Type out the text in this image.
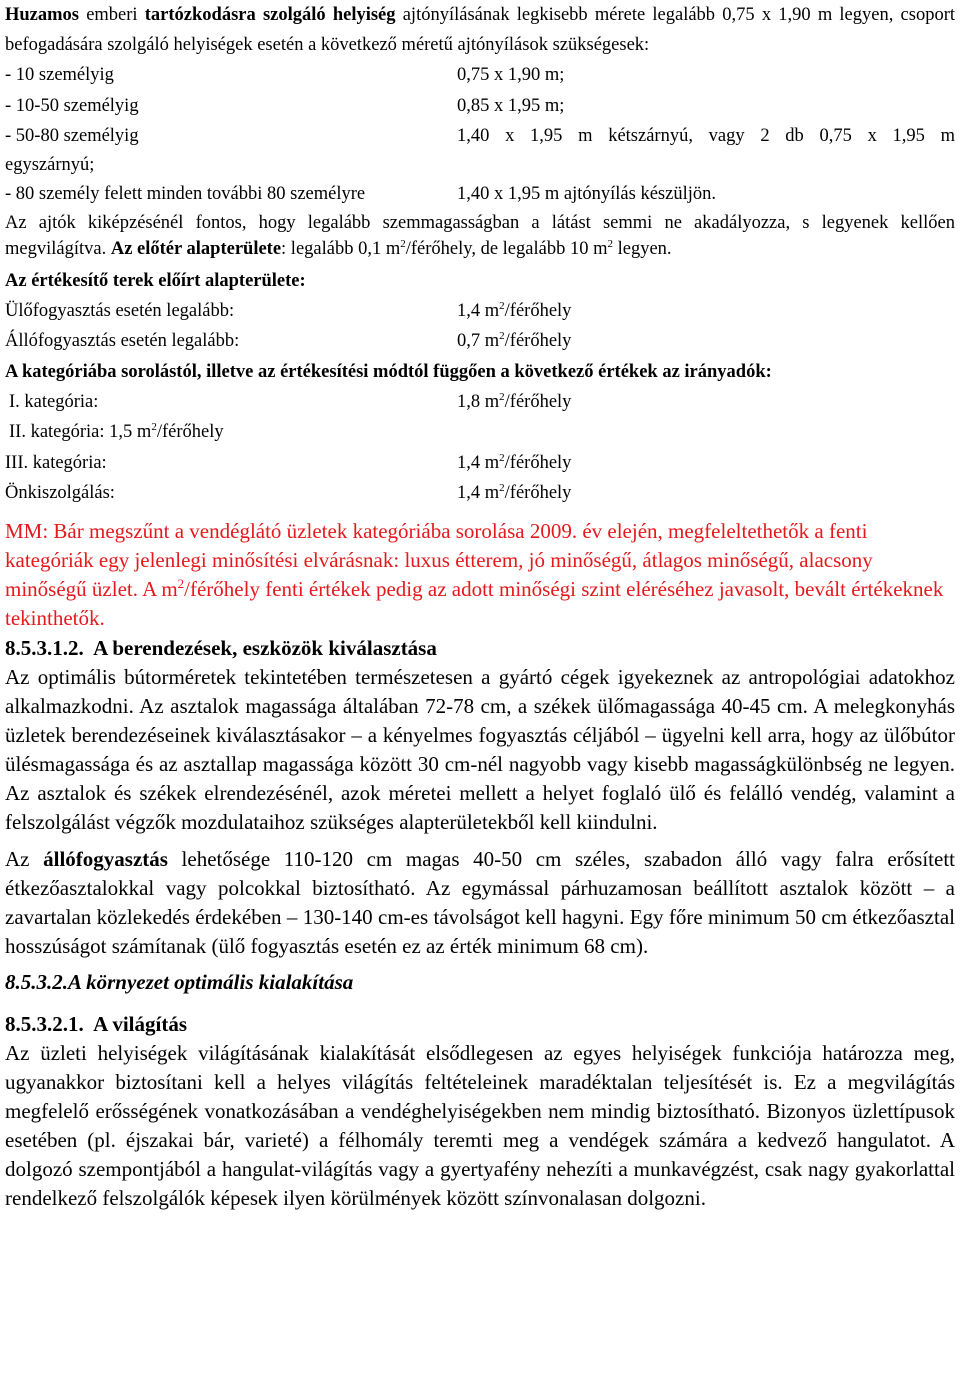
Huzamos emberi tartózkodásra szolgáló helyiség ajtónyílásának legkisebb mérete legalább 0,75 x 1,90 m legyen, csoport befogadására szolgáló helyiségek esetén a következő méretű ajtónyílások szükségesek:

- 10 személyig	0,75 x 1,90 m;
- 10-50 személyig	0,85 x 1,95 m;
- 50-80 személyig	1,40 x 1,95 m kétszárnyú, vagy 2 db 0,75 x 1,95 m
egyszárnyú;
- 80 személy felett minden további 80 személyre	1,40 x 1,95 m ajtónyílás készüljön.

Az ajtók kiképzésénél fontos, hogy legalább szemmagasságban a látást semmi ne akadályozza, s legyenek kellően megvilágítva. Az előtér alapterülete: legalább 0,1 $m^2$/férőhely, de legalább 10 $m^2$ legyen.

Az értékesítő terek előírt alapterülete:

Ülőfogyasztás esetén legalább:	1,4 $m^2$/férőhely
Állófogyasztás esetén legalább:	0,7 $m^2$/férőhely

A kategóriába sorolástól, illetve az értékesítési módtól függően a következő értékek az irányadók:

I. kategória:	1,8 $m^2$/férőhely
II. kategória: 1,5 $m^2$/férőhely
III. kategória:	1,4 $m^2$/férőhely
Önkiszolgálás:	1,4 $m^2$/férőhely

MM: Bár megszűnt a vendéglátó üzletek kategóriába sorolása 2009. év elején, megfeleltethetők a fenti kategóriák egy jelenlegi minősítési elvárásnak: luxus étterem, jó minőségű, átlagos minőségű, alacsony minőségű üzlet. A $m^2$/férőhely fenti értékek pedig az adott minőségi szint eléréséhez javasolt, bevált értékeknek tekinthetők.

8.5.3.1.2.  A berendezések, eszközök kiválasztása

Az optimális bútorméretek tekintetében természetesen a gyártó cégek igyekeznek az antropológiai adatokhoz alkalmazkodni. Az asztalok magassága általában 72-78 cm, a székek ülőmagassága 40-45 cm. A melegkonyhás üzletek berendezéseinek kiválasztásakor – a kényelmes fogyasztás céljából – ügyelni kell arra, hogy az ülőbútor ülésmagassága és az asztallap magassága között 30 cm-nél nagyobb vagy kisebb magasságkülönbség ne legyen. Az asztalok és székek elrendezésénél, azok méretei mellett a helyet foglaló ülő és felálló vendég, valamint a felszolgálást végzők mozdulataihoz szükséges alapterületekből kell kiindulni.

Az állófogyasztás lehetősége 110-120 cm magas 40-50 cm széles, szabadon álló vagy falra erősített étkezőasztalokkal vagy polcokkal biztosítható. Az egymással párhuzamosan beállított asztalok között – a zavartalan közlekedés érdekében – 130-140 cm-es távolságot kell hagyni. Egy főre minimum 50 cm étkezőasztal hosszúságot számítanak (ülő fogyasztás esetén ez az érték minimum 68 cm).

8.5.3.2.A környezet optimális kialakítása

8.5.3.2.1.  A világítás

Az üzleti helyiségek világításának kialakítását elsődlegesen az egyes helyiségek funkciója határozza meg, ugyanakkor biztosítani kell a helyes világítás feltételeinek maradéktalan teljesítését is. Ez a megvilágítás megfelelő erősségének vonatkozásában a vendéghelyiségekben nem mindig biztosítható. Bizonyos üzlettípusok esetében (pl. éjszakai bár, varieté) a félhomály teremti meg a vendégek számára a kedvező hangulatot. A dolgozó szempontjából a hangulat-világítás vagy a gyertyafény nehezíti a munkavégzést, csak nagy gyakorlattal rendelkező felszolgálók képesek ilyen körülmények között színvonalasan dolgozni.
